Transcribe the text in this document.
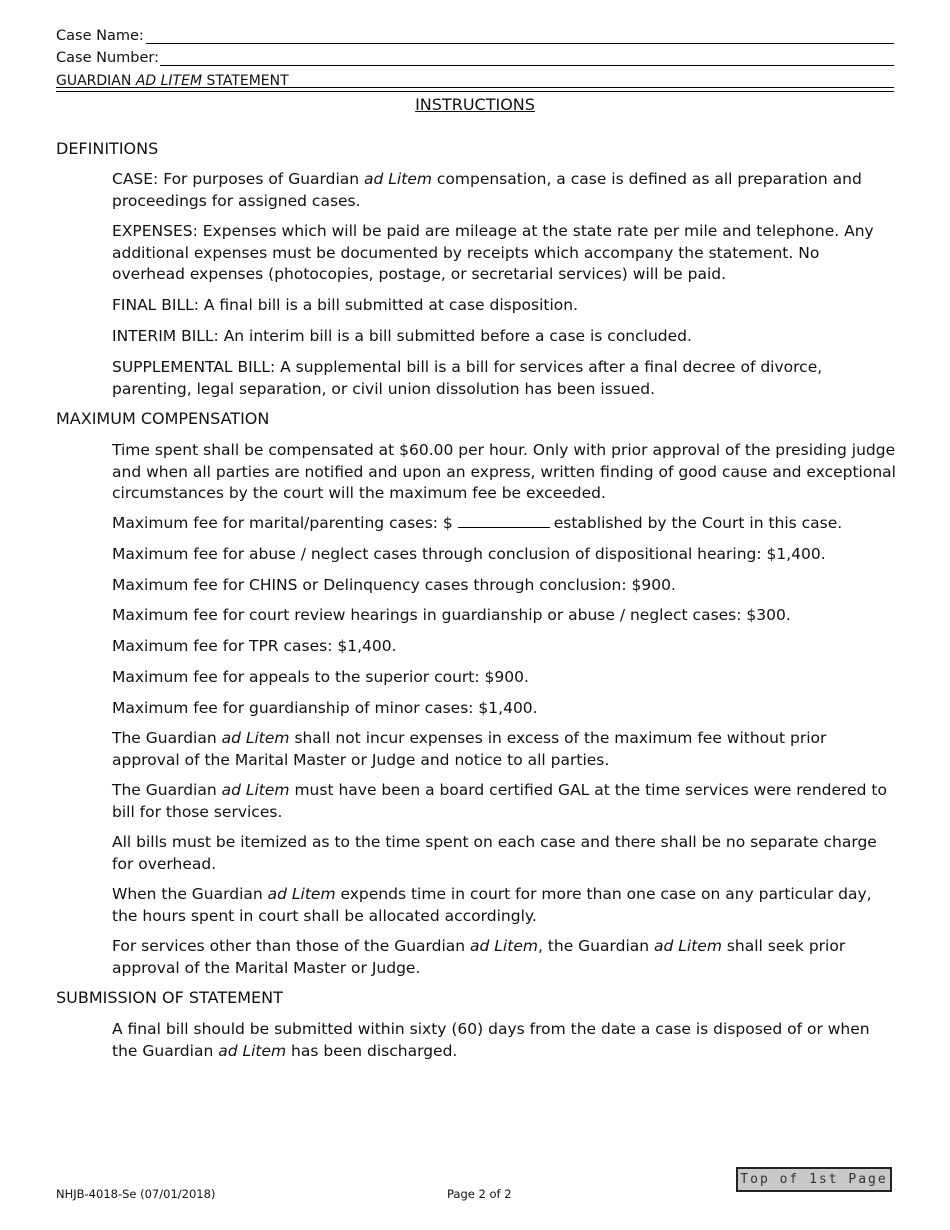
Case Name:
Case Number:
GUARDIAN AD LITEM STATEMENT
INSTRUCTIONS
DEFINITIONS
CASE: For purposes of Guardian ad Litem compensation, a case is defined as all preparation and proceedings for assigned cases.
EXPENSES: Expenses which will be paid are mileage at the state rate per mile and telephone. Any additional expenses must be documented by receipts which accompany the statement. No overhead expenses (photocopies, postage, or secretarial services) will be paid.
FINAL BILL: A final bill is a bill submitted at case disposition.
INTERIM BILL: An interim bill is a bill submitted before a case is concluded.
SUPPLEMENTAL BILL: A supplemental bill is a bill for services after a final decree of divorce, parenting, legal separation, or civil union dissolution has been issued.
MAXIMUM COMPENSATION
Time spent shall be compensated at $60.00 per hour. Only with prior approval of the presiding judge and when all parties are notified and upon an express, written finding of good cause and exceptional circumstances by the court will the maximum fee be exceeded.
Maximum fee for marital/parenting cases: $	established by the Court in this case.
Maximum fee for abuse / neglect cases through conclusion of dispositional hearing: $1,400.
Maximum fee for CHINS or Delinquency cases through conclusion: $900.
Maximum fee for court review hearings in guardianship or abuse / neglect cases: $300.
Maximum fee for TPR cases: $1,400.
Maximum fee for appeals to the superior court: $900.
Maximum fee for guardianship of minor cases: $1,400.
The Guardian ad Litem shall not incur expenses in excess of the maximum fee without prior approval of the Marital Master or Judge and notice to all parties.
The Guardian ad Litem must have been a board certified GAL at the time services were rendered to bill for those services.
All bills must be itemized as to the time spent on each case and there shall be no separate charge for overhead.
When the Guardian ad Litem expends time in court for more than one case on any particular day, the hours spent in court shall be allocated accordingly.
For services other than those of the Guardian ad Litem, the Guardian ad Litem shall seek prior approval of the Marital Master or Judge.
SUBMISSION OF STATEMENT
A final bill should be submitted within sixty (60) days from the date a case is disposed of or when the Guardian ad Litem has been discharged.
NHJB-4018-Se (07/01/2018)	Page 2 of 2
Top of 1st Page
